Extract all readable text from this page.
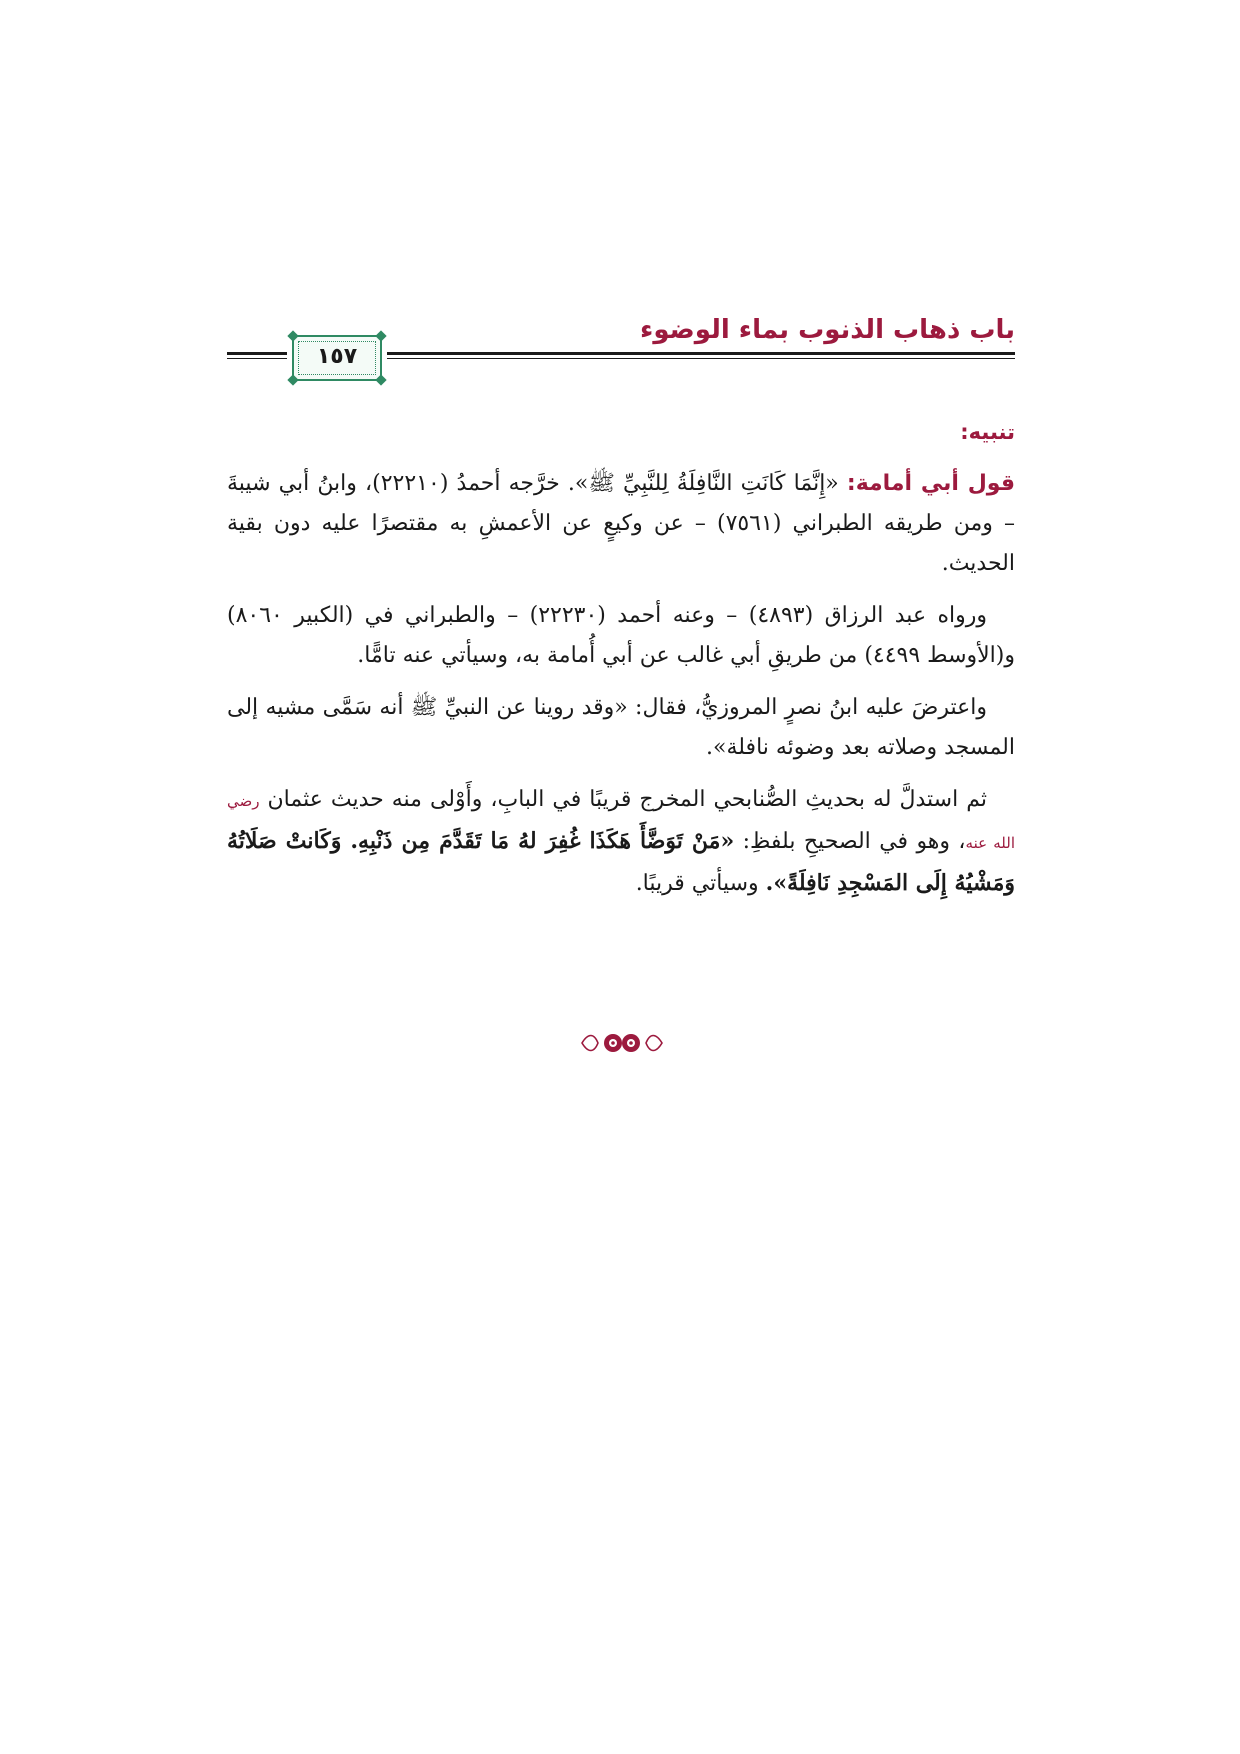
باب ذهاب الذنوب بماء الوضوء
١٥٧
تنبيه:

قول أبي أمامة: «إِنَّمَا كَانَتِ النَّافِلَةُ لِلنَّبِيِّ ﷺ». خرَّجه أحمدُ (٢٢٢١٠)، وابنُ أبي شيبةَ – ومن طريقه الطبراني (٧٥٦١) – عن وكيعٍ عن الأعمشِ به مقتصرًا عليه دون بقية الحديث.

ورواه عبد الرزاق (٤٨٩٣) – وعنه أحمد (٢٢٢٣٠) – والطبراني في (الكبير ٨٠٦٠) و(الأوسط ٤٤٩٩) من طريقِ أبي غالب عن أبي أُمامة به، وسيأتي عنه تامًّا.

واعترضَ عليه ابنُ نصرٍ المروزيُّ، فقال: «وقد روينا عن النبيِّ ﷺ أنه سَمَّى مشيه إلى المسجد وصلاته بعد وضوئه نافلة».

ثم استدلَّ له بحديثِ الصُّنابحي المخرج قريبًا في البابِ، وأَوْلى منه حديث عثمان رضي الله عنه، وهو في الصحيحِ بلفظِ: «مَنْ تَوَضَّأَ هَكَذَا غُفِرَ لهُ مَا تَقَدَّمَ مِن ذَنْبِهِ. وَكَانتْ صَلَاتُهُ وَمَشْيُهُ إِلَى المَسْجِدِ نَافِلَةً». وسيأتي قريبًا.
